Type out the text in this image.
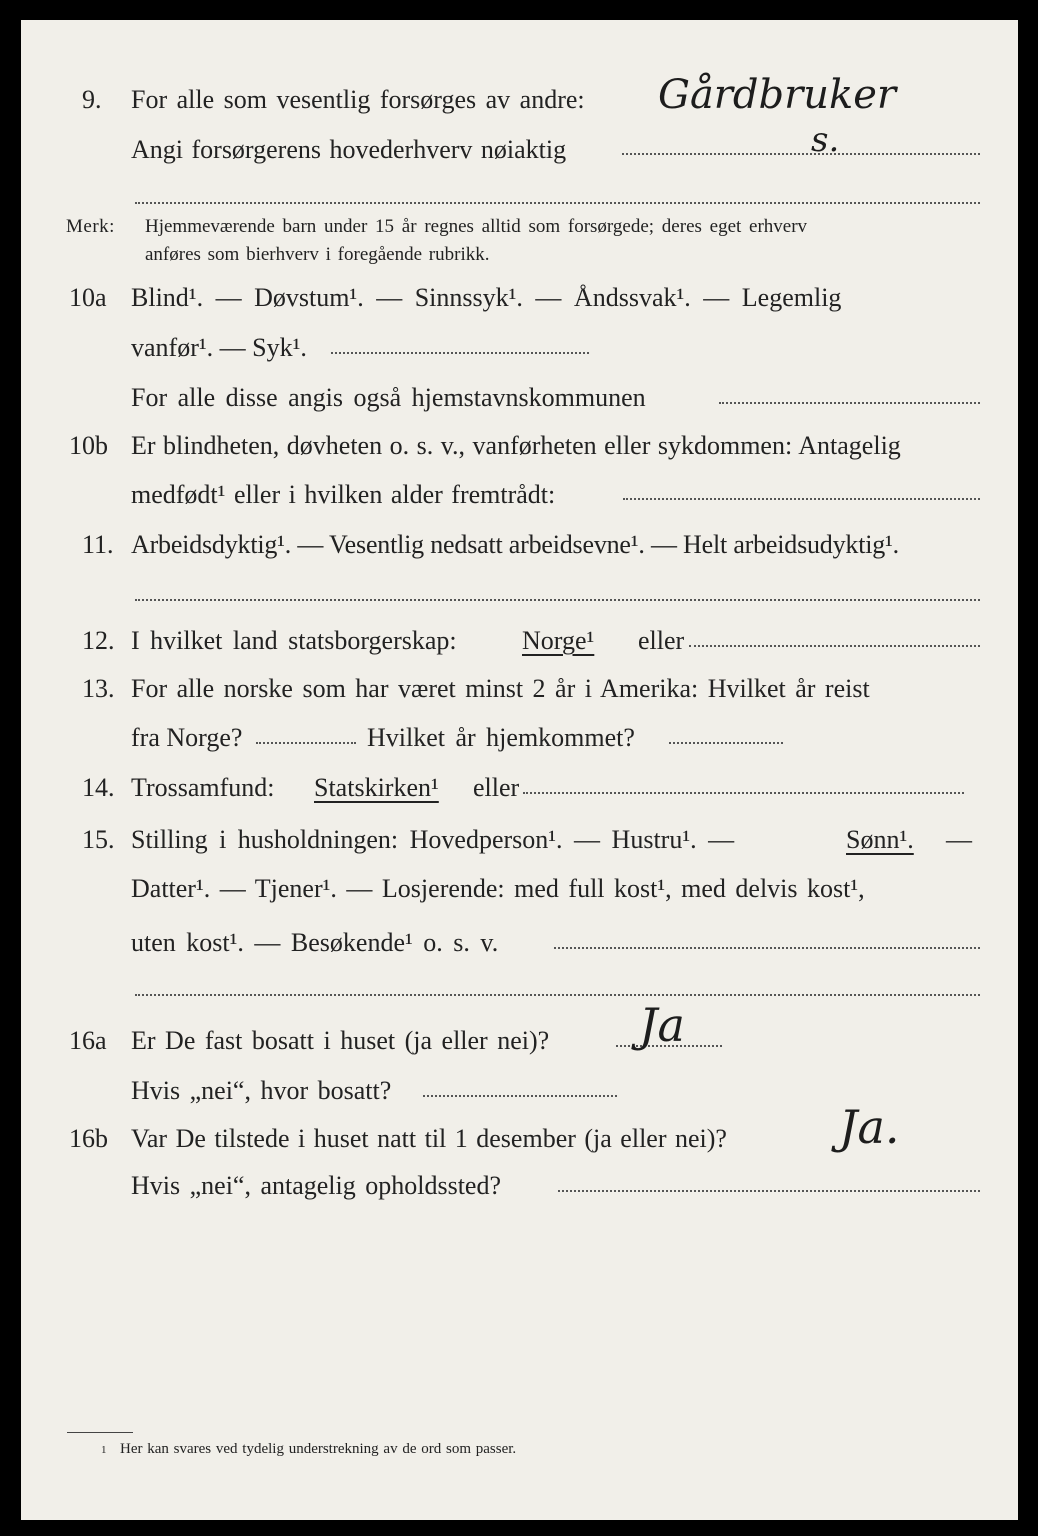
9. For alle som vesentlig forsørges av andre: Gårdbruker
s.
Angi forsørgerens hovederhverv nøiaktig
Merk: Hjemmeværende barn under 15 år regnes alltid som forsørgede; deres eget erhverv
anføres som bierhverv i foregående rubrikk.
10a Blind¹. — Døvstum¹. — Sinnssyk¹. — Åndssvak¹. — Legemlig
vanfør¹. — Syk¹.
For alle disse angis også hjemstavnskommunen
10b Er blindheten, døvheten o. s. v., vanførheten eller sykdommen: Antagelig
medfødt¹ eller i hvilken alder fremtrådt:
11. Arbeidsdyktig¹. — Vesentlig nedsatt arbeidsevne¹. — Helt arbeidsudyktig¹.
12. I hvilket land statsborgerskap:	Norge¹ eller
13. For alle norske som har været minst 2 år i Amerika: Hvilket år reist
fra Norge?	Hvilket år hjemkommet?
14. Trossamfund: Statskirken¹ eller
15. Stilling i husholdningen: Hovedperson¹. — Hustru¹. —	Sønn¹. —
Datter¹. — Tjener¹. — Losjerende: med full kost¹, med delvis kost¹,
uten kost¹. — Besøkende¹ o. s. v.
16a Er De fast bosatt i huset (ja eller nei)? Ja
Hvis „nei“, hvor bosatt?
16b Var De tilstede i huset natt til 1 desember (ja eller nei)? Ja.
Hvis „nei“, antagelig opholdssted?
1 Her kan svares ved tydelig understrekning av de ord som passer.
